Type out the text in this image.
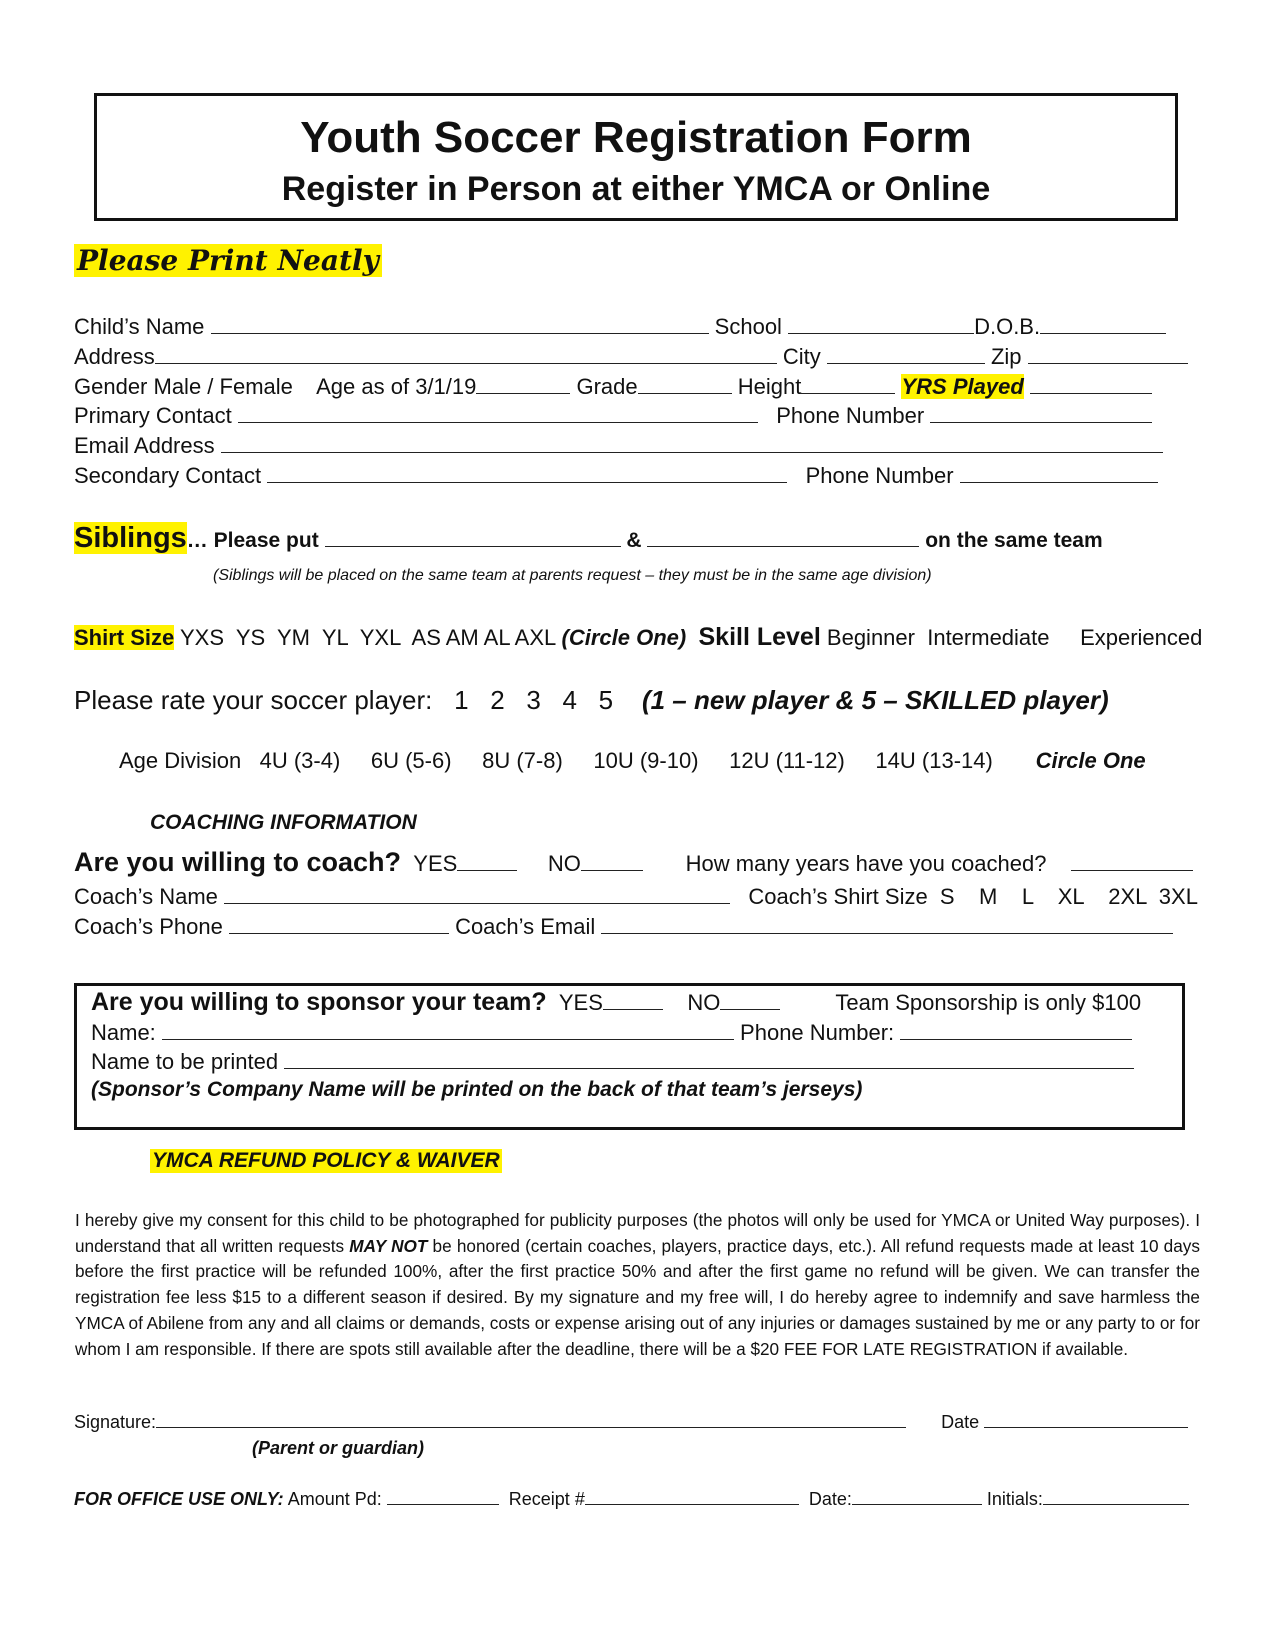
Youth Soccer Registration Form
Register in Person at either YMCA or Online
Please Print Neatly
Child’s Name	School	D.O.B.
Address	City	Zip
Gender Male / Female Age as of 3/1/19	Grade	Height	YRS Played
Primary Contact	Phone Number
Email Address
Secondary Contact	Phone Number
Siblings… Please put	&	on the same team
(Siblings will be placed on the same team at parents request – they must be in the same age division)
Shirt Size YXS  YS  YM  YL  YXL  AS AM AL AXL (Circle One) Skill Level Beginner Intermediate Experienced
Please rate your soccer player: 1   2   3   4   5 (1 – new player & 5 – SKILLED player)
Age Division 4U (3-4) 6U (5-6) 8U (7-8) 10U (9-10) 12U (11-12) 14U (13-14) Circle One
COACHING INFORMATION
Are you willing to coach? YES	NO	How many years have you coached?
Coach’s Name	Coach’s Shirt Size  S    M    L    XL    2XL  3XL
Coach’s Phone	Coach’s Email
Are you willing to sponsor your team? YES	NO	Team Sponsorship is only $100
Name:	Phone Number:
Name to be printed
(Sponsor’s Company Name will be printed on the back of that team’s jerseys)
YMCA REFUND POLICY & WAIVER
I hereby give my consent for this child to be photographed for publicity purposes (the photos will only be used for YMCA or United Way purposes). I understand that all written requests MAY NOT be honored (certain coaches, players, practice days, etc.). All refund requests made at least 10 days before the first practice will be refunded 100%, after the first practice 50% and after the first game no refund will be given. We can transfer the registration fee less $15 to a different season if desired. By my signature and my free will, I do hereby agree to indemnify and save harmless the YMCA of Abilene from any and all claims or demands, costs or expense arising out of any injuries or damages sustained by me or any party to or for whom I am responsible. If there are spots still available after the deadline, there will be a $20 FEE FOR LATE REGISTRATION if available.
Signature:	Date
(Parent or guardian)
FOR OFFICE USE ONLY: Amount Pd:	Receipt #	Date:	Initials:
